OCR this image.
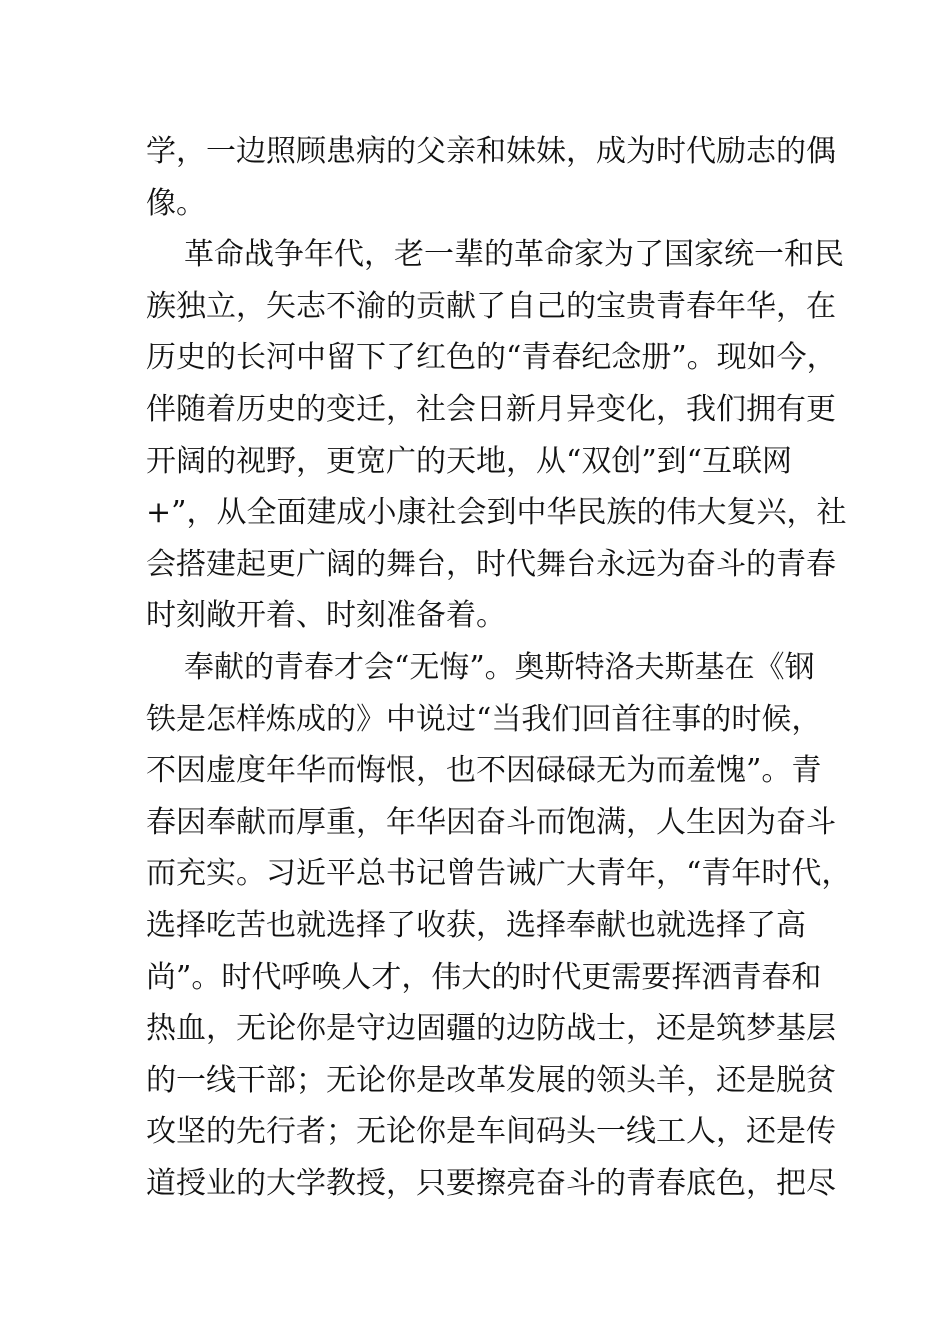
学，一边照顾患病的父亲和妹妹，成为时代励志的偶
像。
革命战争年代，老一辈的革命家为了国家统一和民
族独立，矢志不渝的贡献了自己的宝贵青春年华，在
历史的长河中留下了红色的“青春纪念册”。现如今，
伴随着历史的变迁，社会日新月异变化，我们拥有更
开阔的视野，更宽广的天地，从“双创”到“互联网
+”，从全面建成小康社会到中华民族的伟大复兴，社
会搭建起更广阔的舞台，时代舞台永远为奋斗的青春
时刻敞开着、时刻准备着。
奉献的青春才会“无悔”。奥斯特洛夫斯基在《钢
铁是怎样炼成的》中说过“当我们回首往事的时候，
不因虚度年华而悔恨，也不因碌碌无为而羞愧”。青
春因奉献而厚重，年华因奋斗而饱满，人生因为奋斗
而充实。习近平总书记曾告诫广大青年，“青年时代，
选择吃苦也就选择了收获，选择奉献也就选择了高
尚”。时代呼唤人才，伟大的时代更需要挥洒青春和
热血，无论你是守边固疆的边防战士，还是筑梦基层
的一线干部；无论你是改革发展的领头羊，还是脱贫
攻坚的先行者；无论你是车间码头一线工人，还是传
道授业的大学教授，只要擦亮奋斗的青春底色，把尽
